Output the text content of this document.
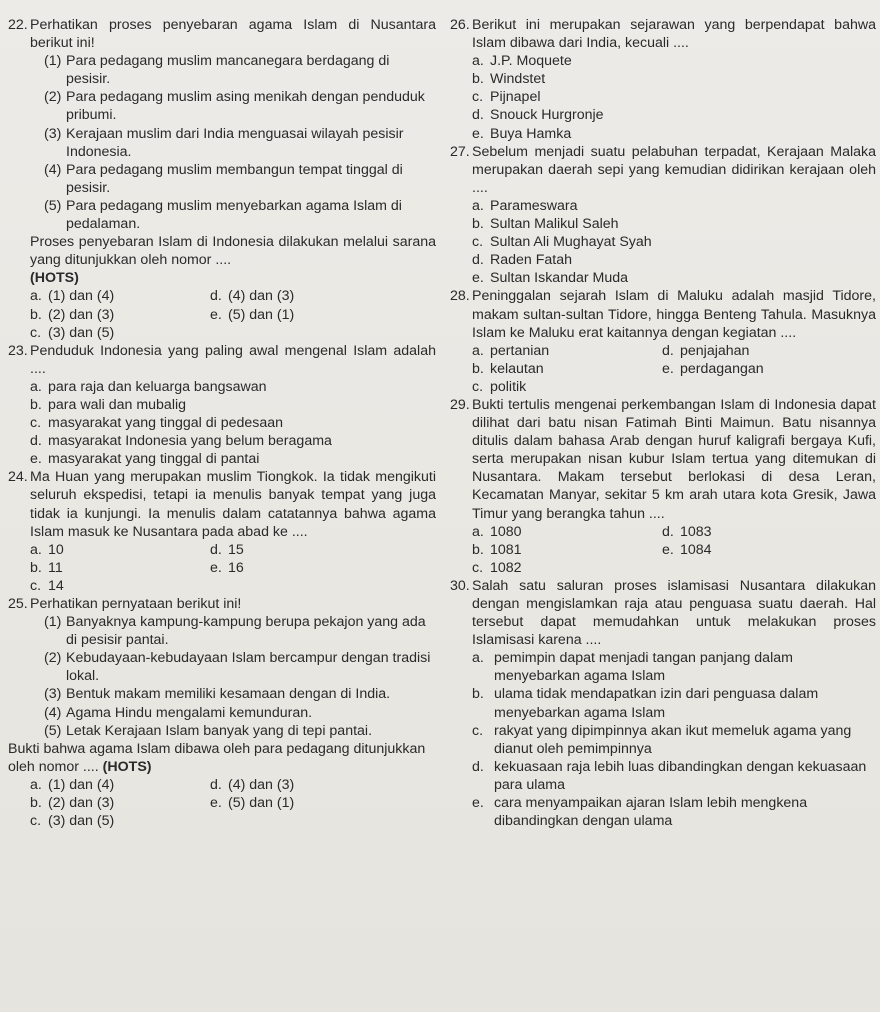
22. Perhatikan proses penyebaran agama Islam di Nusantara berikut ini!
(1) Para pedagang muslim mancanegara berdagang di pesisir.
(2) Para pedagang muslim asing menikah dengan penduduk pribumi.
(3) Kerajaan muslim dari India menguasai wilayah pesisir Indonesia.
(4) Para pedagang muslim membangun tempat tinggal di pesisir.
(5) Para pedagang muslim menyebarkan agama Islam di pedalaman.
Proses penyebaran Islam di Indonesia dilakukan melalui sarana yang ditunjukkan oleh nomor ....
(HOTS)
a. (1) dan (4)	d. (4) dan (3)
b. (2) dan (3)	e. (5) dan (1)
c. (3) dan (5)
23. Penduduk Indonesia yang paling awal mengenal Islam adalah ....
a. para raja dan keluarga bangsawan
b. para wali dan mubalig
c. masyarakat yang tinggal di pedesaan
d. masyarakat Indonesia yang belum beragama
e. masyarakat yang tinggal di pantai
24. Ma Huan yang merupakan muslim Tiongkok. Ia tidak mengikuti seluruh ekspedisi, tetapi ia menulis banyak tempat yang juga tidak ia kunjungi. Ia menulis dalam catatannya bahwa agama Islam masuk ke Nusantara pada abad ke ....
a. 10	d. 15
b. 11	e. 16
c. 14
25. Perhatikan pernyataan berikut ini!
(1) Banyaknya kampung-kampung berupa pekajon yang ada di pesisir pantai.
(2) Kebudayaan-kebudayaan Islam bercampur dengan tradisi lokal.
(3) Bentuk makam memiliki kesamaan dengan di India.
(4) Agama Hindu mengalami kemunduran.
(5) Letak Kerajaan Islam banyak yang di tepi pantai.
Bukti bahwa agama Islam dibawa oleh para pedagang ditunjukkan oleh nomor .... (HOTS)
a. (1) dan (4)	d. (4) dan (3)
b. (2) dan (3)	e. (5) dan (1)
c. (3) dan (5)
26. Berikut ini merupakan sejarawan yang berpendapat bahwa Islam dibawa dari India, kecuali ....
a. J.P. Moquete
b. Windstet
c. Pijnapel
d. Snouck Hurgronje
e. Buya Hamka
27. Sebelum menjadi suatu pelabuhan terpadat, Kerajaan Malaka merupakan daerah sepi yang kemudian didirikan kerajaan oleh ....
a. Parameswara
b. Sultan Malikul Saleh
c. Sultan Ali Mughayat Syah
d. Raden Fatah
e. Sultan Iskandar Muda
28. Peninggalan sejarah Islam di Maluku adalah masjid Tidore, makam sultan-sultan Tidore, hingga Benteng Tahula. Masuknya Islam ke Maluku erat kaitannya dengan kegiatan ....
a. pertanian	d. penjajahan
b. kelautan	e. perdagangan
c. politik
29. Bukti tertulis mengenai perkembangan Islam di Indonesia dapat dilihat dari batu nisan Fatimah Binti Maimun. Batu nisannya ditulis dalam bahasa Arab dengan huruf kaligrafi bergaya Kufi, serta merupakan nisan kubur Islam tertua yang ditemukan di Nusantara. Makam tersebut berlokasi di desa Leran, Kecamatan Manyar, sekitar 5 km arah utara kota Gresik, Jawa Timur yang berangka tahun ....
a. 1080	d. 1083
b. 1081	e. 1084
c. 1082
30. Salah satu saluran proses islamisasi Nusantara dilakukan dengan mengislamkan raja atau penguasa suatu daerah. Hal tersebut dapat memudahkan untuk melakukan proses Islamisasi karena ....
a. pemimpin dapat menjadi tangan panjang dalam menyebarkan agama Islam
b. ulama tidak mendapatkan izin dari penguasa dalam menyebarkan agama Islam
c. rakyat yang dipimpinnya akan ikut memeluk agama yang dianut oleh pemimpinnya
d. kekuasaan raja lebih luas dibandingkan dengan kekuasaan para ulama
e. cara menyampaikan ajaran Islam lebih mengkena dibandingkan dengan ulama
